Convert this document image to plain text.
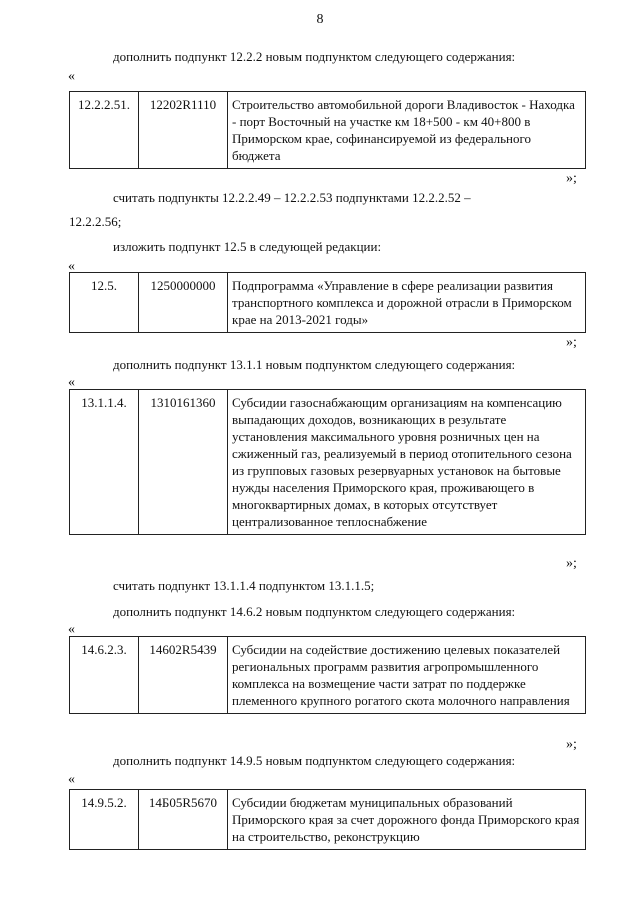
8
дополнить подпункт 12.2.2 новым подпунктом следующего содержания:
«
12.2.2.51.	12202R1110	Строительство автомобильной дороги Владивосток - Находка - порт Восточный на участке км 18+500 - км 40+800 в Приморском крае, софинансируемой из федерального бюджета
»;
считать подпункты 12.2.2.49 – 12.2.2.53 подпунктами 12.2.2.52 –
12.2.2.56;
изложить подпункт 12.5 в следующей редакции:
«
12.5.	1250000000	Подпрограмма «Управление в сфере реализации развития транспортного комплекса и дорожной отрасли в Приморском крае на 2013-2021 годы»
»;
дополнить подпункт 13.1.1 новым подпунктом следующего содержания:
«
13.1.1.4.	1310161360	Субсидии газоснабжающим организациям на компенсацию выпадающих доходов, возникающих в результате установления максимального уровня розничных цен на сжиженный газ, реализуемый в период отопительного сезона из групповых газовых резервуарных установок на бытовые нужды населения Приморского края, проживающего в многоквартирных домах, в которых отсутствует централизованное теплоснабжение
»;
считать подпункт 13.1.1.4 подпунктом 13.1.1.5;
дополнить подпункт 14.6.2 новым подпунктом следующего содержания:
«
14.6.2.3.	14602R5439	Субсидии на содействие достижению целевых показателей региональных программ развития агропромышленного комплекса на возмещение части затрат по поддержке племенного крупного рогатого скота молочного направления
»;
дополнить подпункт 14.9.5 новым подпунктом следующего содержания:
«
14.9.5.2.	14Б05R5670	Субсидии бюджетам муниципальных образований Приморского края за счет дорожного фонда Приморского края на строительство, реконструкцию
